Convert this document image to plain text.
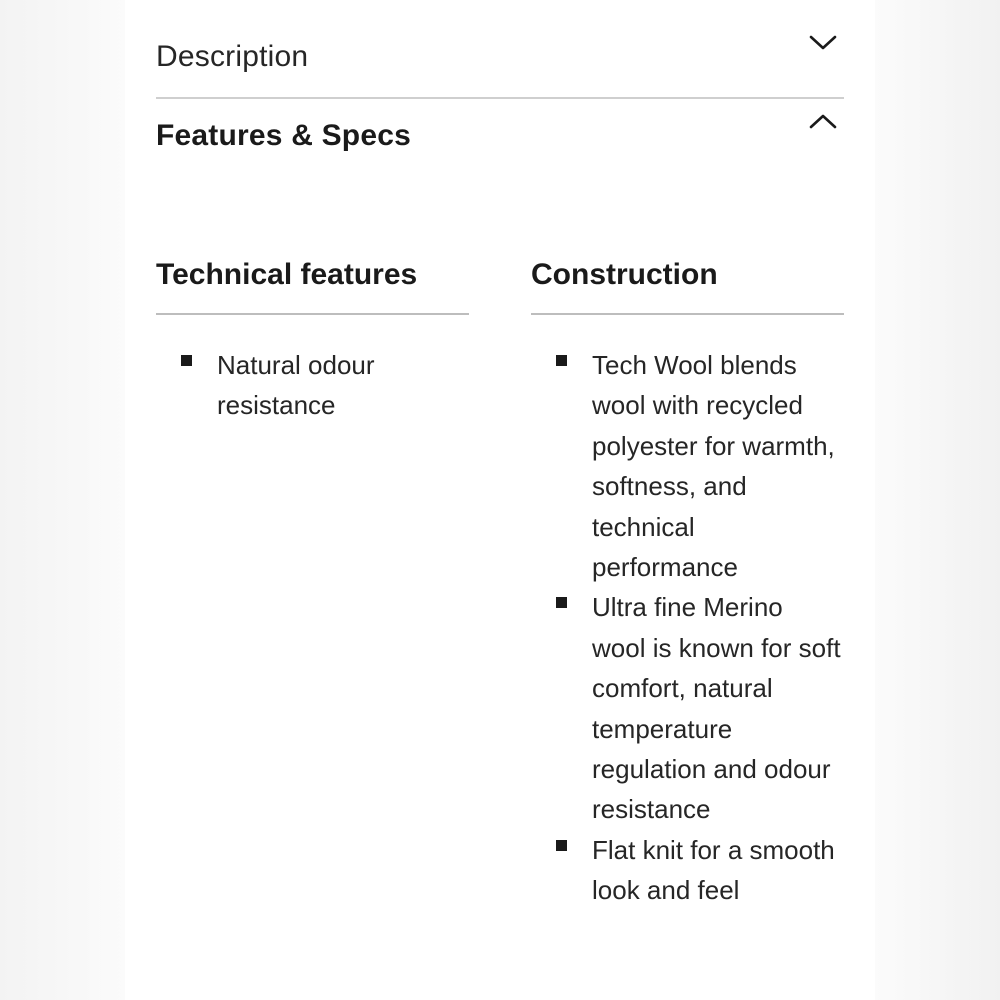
Description
Features & Specs
Technical features
Natural odour resistance
Construction
Tech Wool blends wool with recycled polyester for warmth, softness, and technical performance
Ultra fine Merino wool is known for soft comfort, natural temperature regulation and odour resistance
Flat knit for a smooth look and feel
